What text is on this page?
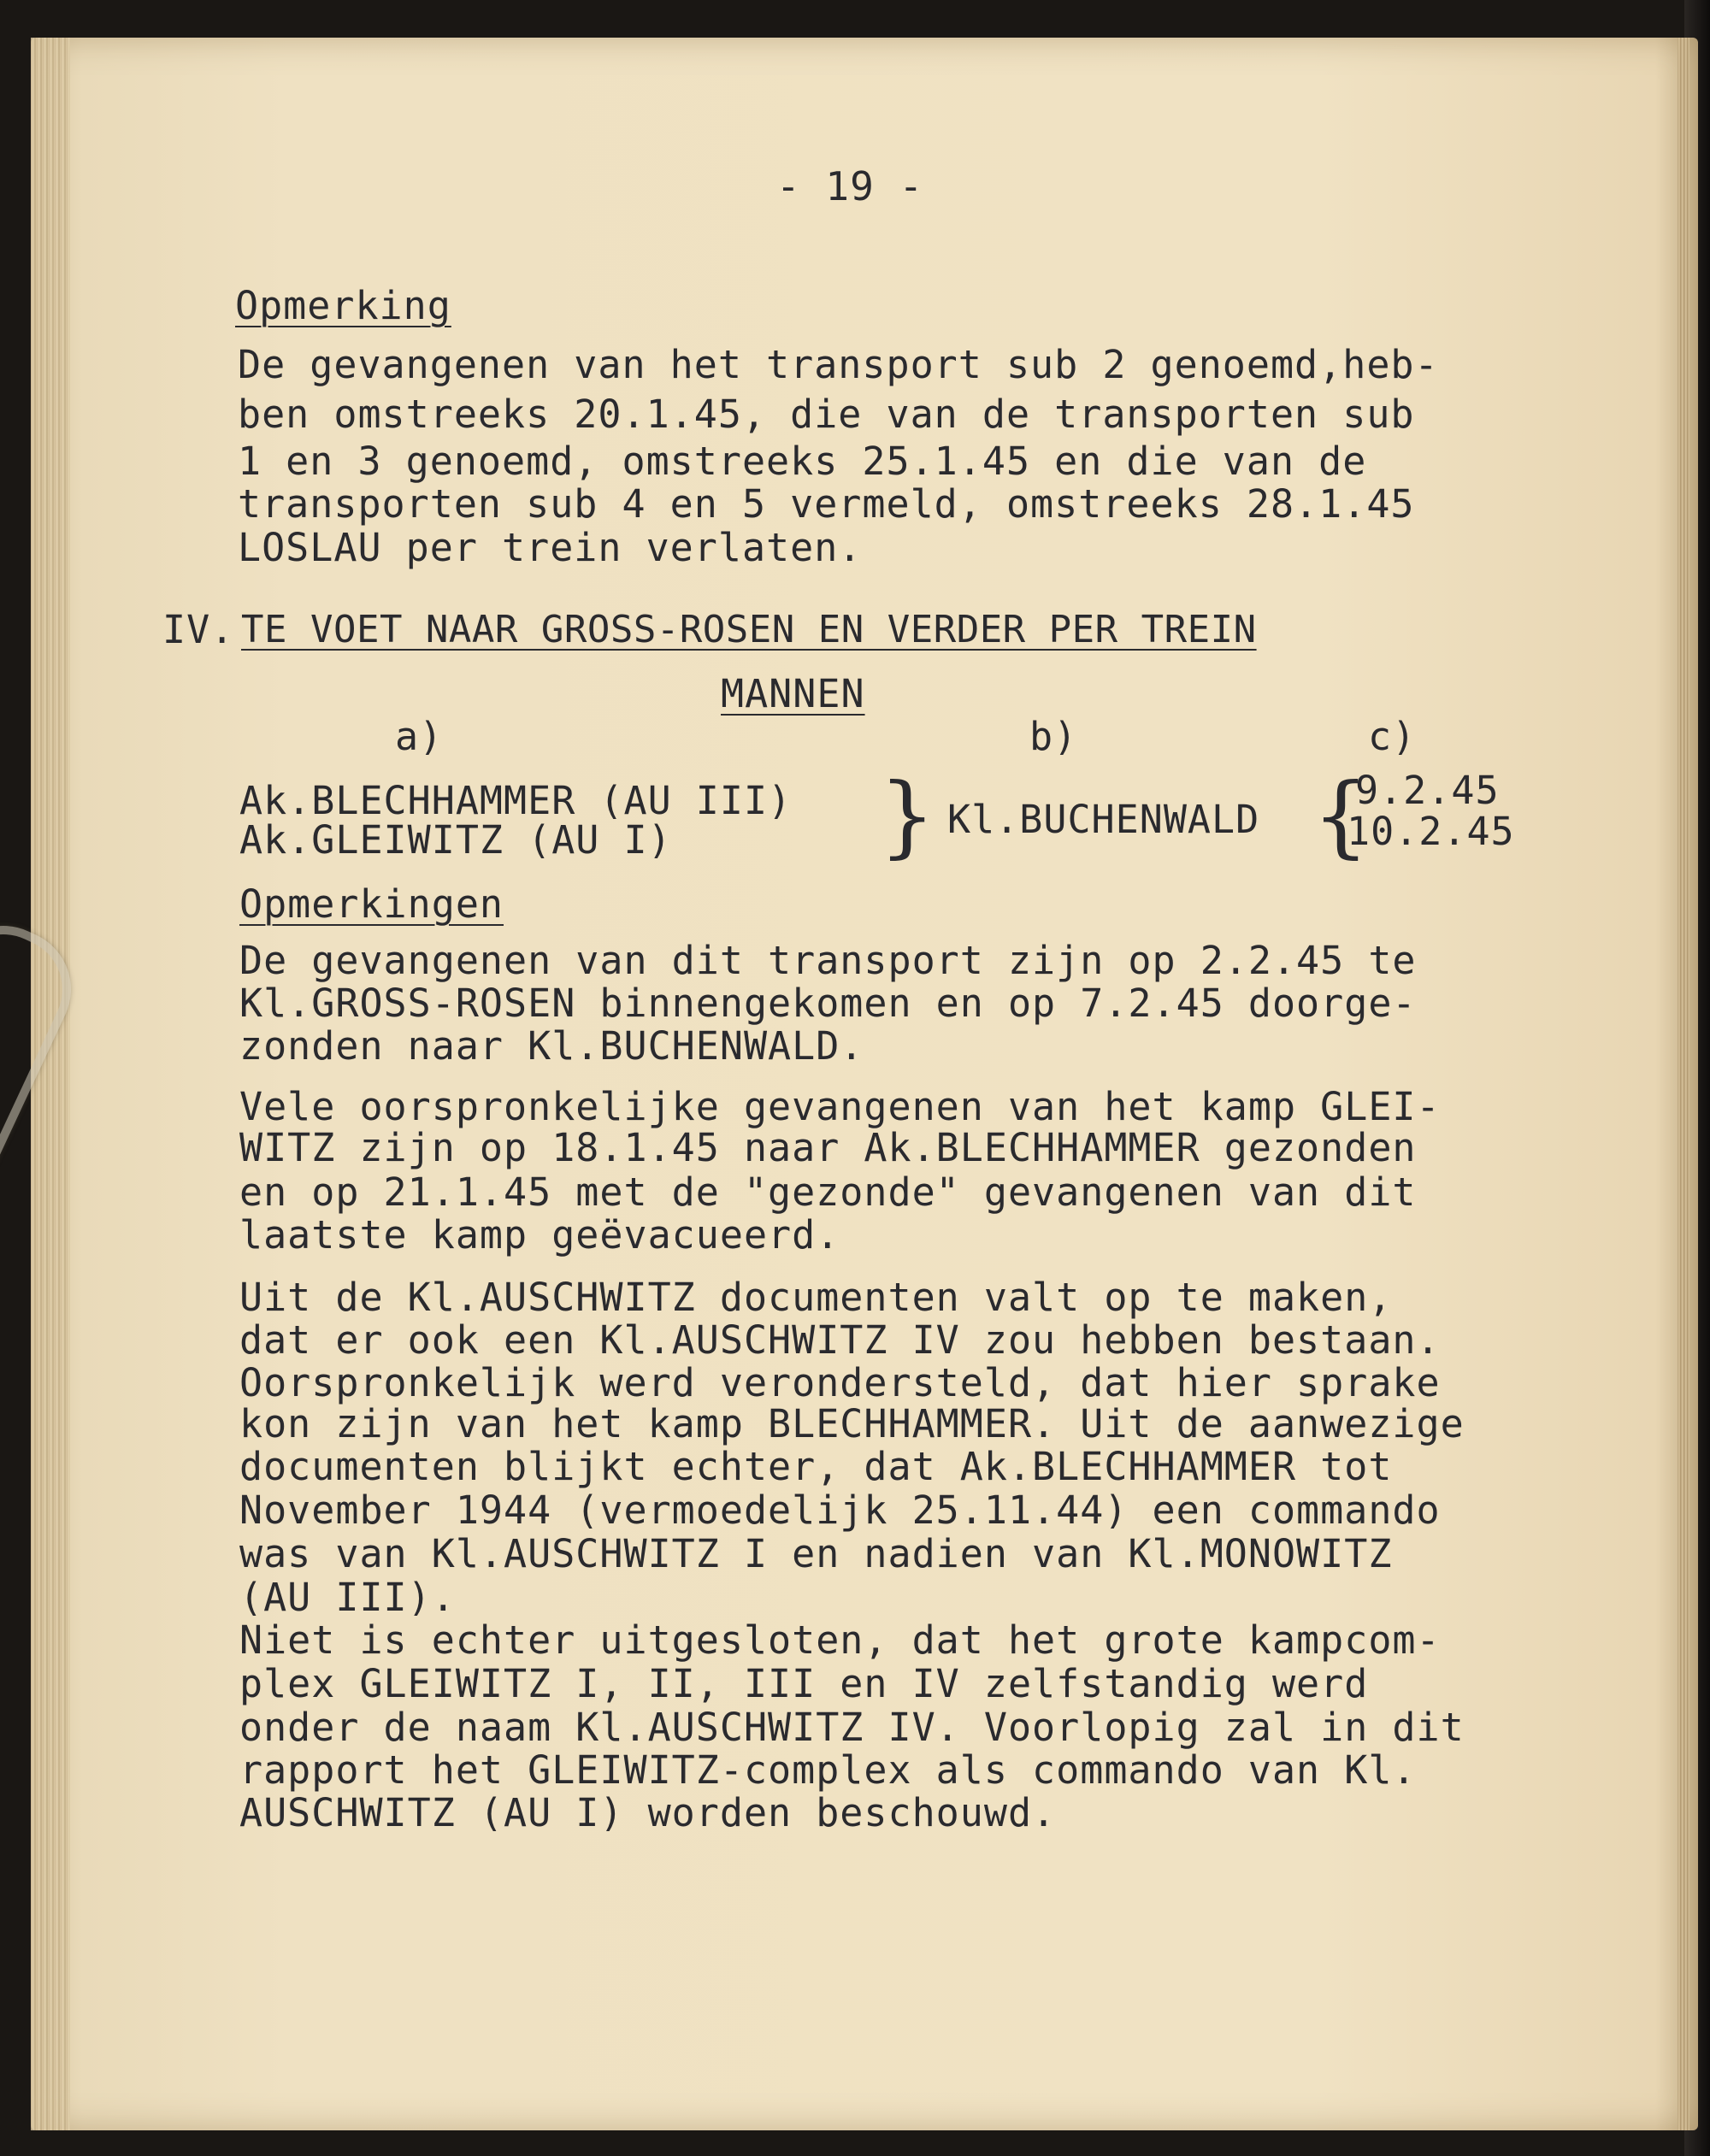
- 19 -
Opmerking
De gevangenen van het transport sub 2 genoemd,heb-
ben omstreeks 20.1.45, die van de transporten sub
1 en 3 genoemd, omstreeks 25.1.45 en die van de
transporten sub 4 en 5 vermeld, omstreeks 28.1.45
LOSLAU per trein verlaten.
IV. TE VOET NAAR GROSS-ROSEN EN VERDER PER TREIN
MANNEN
a)	b)	c)
Ak.BLECHHAMMER (AU III)
Ak.GLEIWITZ (AU I) } Kl.BUCHENWALD {
9.2.45
10.2.45
Opmerkingen
De gevangenen van dit transport zijn op 2.2.45 te
Kl.GROSS-ROSEN binnengekomen en op 7.2.45 doorge-
zonden naar Kl.BUCHENWALD.
Vele oorspronkelijke gevangenen van het kamp GLEI-
WITZ zijn op 18.1.45 naar Ak.BLECHHAMMER gezonden
en op 21.1.45 met de "gezonde" gevangenen van dit
laatste kamp geëvacueerd.
Uit de Kl.AUSCHWITZ documenten valt op te maken,
dat er ook een Kl.AUSCHWITZ IV zou hebben bestaan.
Oorspronkelijk werd verondersteld, dat hier sprake
kon zijn van het kamp BLECHHAMMER. Uit de aanwezige
documenten blijkt echter, dat Ak.BLECHHAMMER tot
November 1944 (vermoedelijk 25.11.44) een commando
was van Kl.AUSCHWITZ I en nadien van Kl.MONOWITZ
(AU III).
Niet is echter uitgesloten, dat het grote kampcom-
plex GLEIWITZ I, II, III en IV zelfstandig werd
onder de naam Kl.AUSCHWITZ IV. Voorlopig zal in dit
rapport het GLEIWITZ-complex als commando van Kl.
AUSCHWITZ (AU I) worden beschouwd.
